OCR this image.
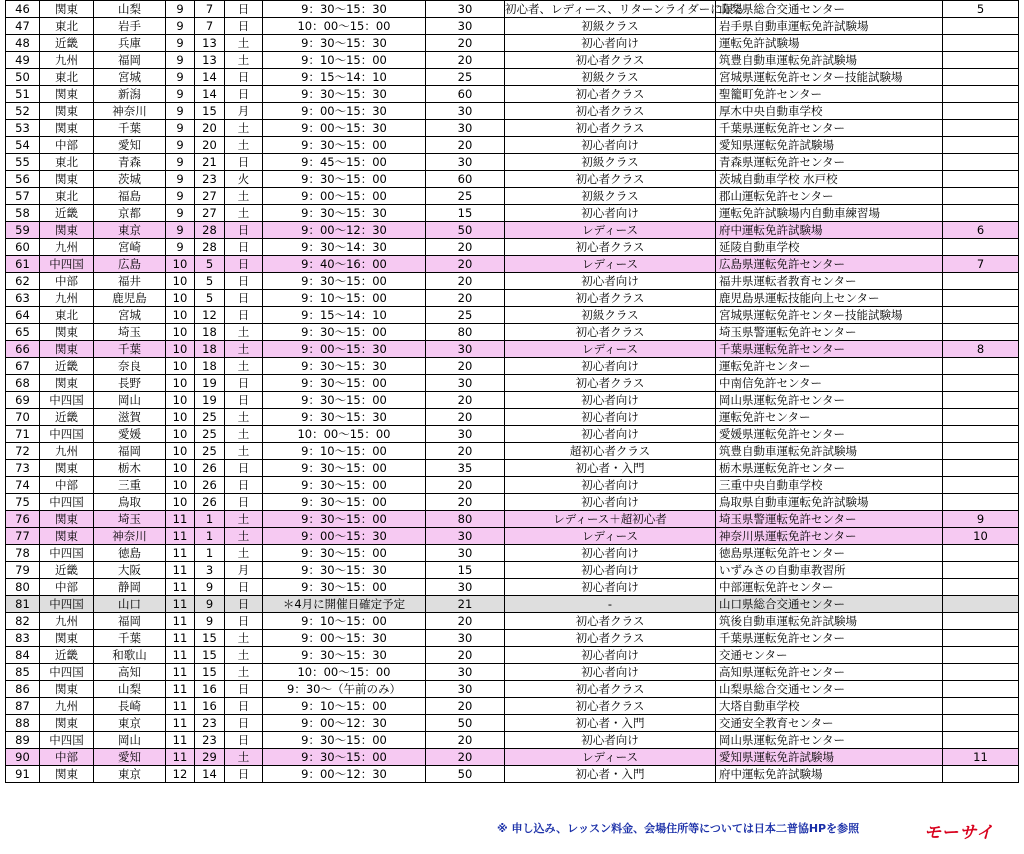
46	関東	山梨	9	7	日	9：30～15：30	30	初心者、レディース、リターンライダーに限る	山梨県総合交通センター	5
47	東北	岩手	9	7	日	10：00～15：00	30	初級クラス	岩手県自動車運転免許試験場	
48	近畿	兵庫	9	13	土	9：30～15：30	20	初心者向け	運転免許試験場	
49	九州	福岡	9	13	土	9：10～15：00	20	初心者クラス	筑豊自動車運転免許試験場	
50	東北	宮城	9	14	日	9：15～14：10	25	初級クラス	宮城県運転免許センター技能試験場	
51	関東	新潟	9	14	日	9：30～15：30	60	初心者クラス	聖籠町免許センター	
52	関東	神奈川	9	15	月	9：00～15：30	30	初心者クラス	厚木中央自動車学校	
53	関東	千葉	9	20	土	9：00～15：30	30	初心者クラス	千葉県運転免許センター	
54	中部	愛知	9	20	土	9：30～15：00	20	初心者向け	愛知県運転免許試験場	
55	東北	青森	9	21	日	9：45～15：00	30	初級クラス	青森県運転免許センター	
56	関東	茨城	9	23	火	9：30～15：00	60	初心者クラス	茨城自動車学校 水戸校	
57	東北	福島	9	27	土	9：00～15：00	25	初級クラス	郡山運転免許センター	
58	近畿	京都	9	27	土	9：30～15：30	15	初心者向け	運転免許試験場内自動車練習場	
59	関東	東京	9	28	日	9：00～12：30	50	レディース	府中運転免許試験場	6
60	九州	宮崎	9	28	日	9：30～14：30	20	初心者クラス	延陵自動車学校	
61	中四国	広島	10	5	日	9：40～16：00	20	レディース	広島県運転免許センター	7
62	中部	福井	10	5	日	9：30～15：00	20	初心者向け	福井県運転者教育センター	
63	九州	鹿児島	10	5	日	9：10～15：00	20	初心者クラス	鹿児島県運転技能向上センター	
64	東北	宮城	10	12	日	9：15～14：10	25	初級クラス	宮城県運転免許センター技能試験場	
65	関東	埼玉	10	18	土	9：30～15：00	80	初心者クラス	埼玉県警運転免許センター	
66	関東	千葉	10	18	土	9：00～15：30	30	レディース	千葉県運転免許センター	8
67	近畿	奈良	10	18	土	9：30～15：30	20	初心者向け	運転免許センター	
68	関東	長野	10	19	日	9：30～15：00	30	初心者クラス	中南信免許センター	
69	中四国	岡山	10	19	日	9：30～15：00	20	初心者向け	岡山県運転免許センター	
70	近畿	滋賀	10	25	土	9：30～15：30	20	初心者向け	運転免許センター	
71	中四国	愛媛	10	25	土	10：00～15：00	30	初心者向け	愛媛県運転免許センター	
72	九州	福岡	10	25	土	9：10～15：00	20	超初心者クラス	筑豊自動車運転免許試験場	
73	関東	栃木	10	26	日	9：30～15：00	35	初心者・入門	栃木県運転免許センター	
74	中部	三重	10	26	日	9：30～15：00	20	初心者向け	三重中央自動車学校	
75	中四国	鳥取	10	26	日	9：30～15：00	20	初心者向け	鳥取県自動車運転免許試験場	
76	関東	埼玉	11	1	土	9：30～15：00	80	レディース＋超初心者	埼玉県警運転免許センター	9
77	関東	神奈川	11	1	土	9：00～15：30	30	レディース	神奈川県運転免許センター	10
78	中四国	徳島	11	1	土	9：30～15：00	30	初心者向け	徳島県運転免許センター	
79	近畿	大阪	11	3	月	9：30～15：30	15	初心者向け	いずみさの自動車教習所	
80	中部	静岡	11	9	日	9：30～15：00	30	初心者向け	中部運転免許センター	
81	中四国	山口	11	9	日	＊4月に開催日確定予定	21	-	山口県総合交通センター	
82	九州	福岡	11	9	日	9：10～15：00	20	初心者クラス	筑後自動車運転免許試験場	
83	関東	千葉	11	15	土	9：00～15：30	30	初心者クラス	千葉県運転免許センター	
84	近畿	和歌山	11	15	土	9：30～15：30	20	初心者向け	交通センター	
85	中四国	高知	11	15	土	10：00～15：00	30	初心者向け	高知県運転免許センター	
86	関東	山梨	11	16	日	9：30～（午前のみ）	30	初心者クラス	山梨県総合交通センター	
87	九州	長崎	11	16	日	9：10～15：00	20	初心者クラス	大塔自動車学校	
88	関東	東京	11	23	日	9：00～12：30	50	初心者・入門	交通安全教育センター	
89	中四国	岡山	11	23	日	9：30～15：00	20	初心者向け	岡山県運転免許センター	
90	中部	愛知	11	29	土	9：30～15：00	20	レディース	愛知県運転免許試験場	11
91	関東	東京	12	14	日	9：00～12：30	50	初心者・入門	府中運転免許試験場	
※ 申し込み、レッスン料金、会場住所等については日本二普協HPを参照	モーサイ
